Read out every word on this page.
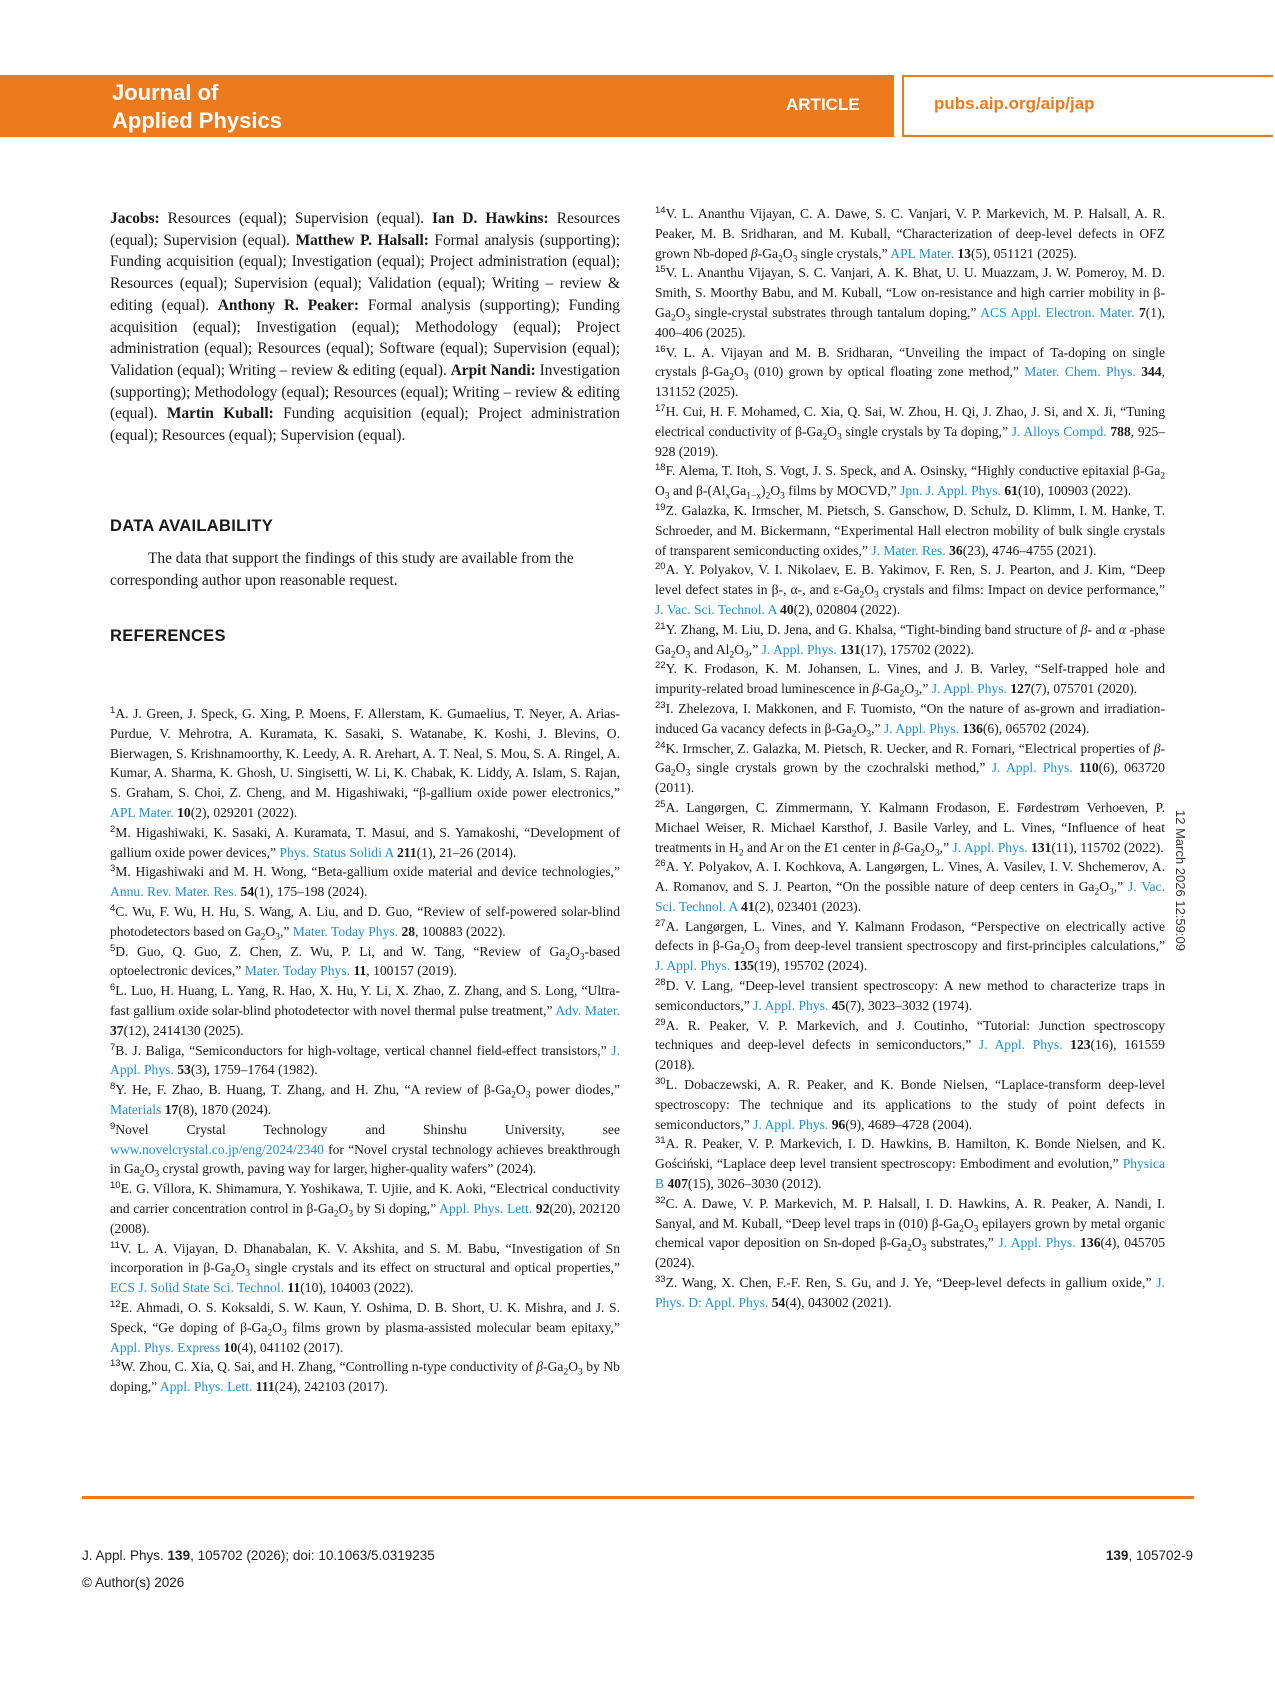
Journal of
Applied Physics
ARTICLE	pubs.aip.org/aip/jap

Jacobs: Resources (equal); Supervision (equal). Ian D. Hawkins: Resources (equal); Supervision (equal). Matthew P. Halsall: Formal analysis (supporting); Funding acquisition (equal); Investigation (equal); Project administration (equal); Resources (equal); Supervision (equal); Validation (equal); Writing – review & editing (equal). Anthony R. Peaker: Formal analysis (supporting); Funding acquisition (equal); Investigation (equal); Methodology (equal); Project administration (equal); Resources (equal); Software (equal); Supervision (equal); Validation (equal); Writing – review & editing (equal). Arpit Nandi: Investigation (supporting); Methodology (equal); Resources (equal); Writing – review & editing (equal). Martin Kuball: Funding acquisition (equal); Project administration (equal); Resources (equal); Supervision (equal).

DATA AVAILABILITY

The data that support the findings of this study are available from the corresponding author upon reasonable request.

REFERENCES
$^1$A. J. Green, J. Speck, G. Xing, P. Moens, F. Allerstam, K. Gumaelius, T. Neyer, A. Arias-Purdue, V. Mehrotra, A. Kuramata, K. Sasaki, S. Watanabe, K. Koshi, J. Blevins, O. Bierwagen, S. Krishnamoorthy, K. Leedy, A. R. Arehart, A. T. Neal, S. Mou, S. A. Ringel, A. Kumar, A. Sharma, K. Ghosh, U. Singisetti, W. Li, K. Chabak, K. Liddy, A. Islam, S. Rajan, S. Graham, S. Choi, Z. Cheng, and M. Higashiwaki, “β-gallium oxide power electronics,” APL Mater. 10(2), 029201 (2022).
$^2$M. Higashiwaki, K. Sasaki, A. Kuramata, T. Masui, and S. Yamakoshi, “Development of gallium oxide power devices,” Phys. Status Solidi A 211(1), 21–26 (2014).
$^3$M. Higashiwaki and M. H. Wong, “Beta-gallium oxide material and device technologies,” Annu. Rev. Mater. Res. 54(1), 175–198 (2024).
$^4$C. Wu, F. Wu, H. Hu, S. Wang, A. Liu, and D. Guo, “Review of self-powered solar-blind photodetectors based on $Ga_2O_3$,” Mater. Today Phys. 28, 100883 (2022).
$^5$D. Guo, Q. Guo, Z. Chen, Z. Wu, P. Li, and W. Tang, “Review of $Ga_2O_3$-based optoelectronic devices,” Mater. Today Phys. 11, 100157 (2019).
$^6$L. Luo, H. Huang, L. Yang, R. Hao, X. Hu, Y. Li, X. Zhao, Z. Zhang, and S. Long, “Ultra-fast gallium oxide solar-blind photodetector with novel thermal pulse treatment,” Adv. Mater. 37(12), 2414130 (2025).
$^7$B. J. Baliga, “Semiconductors for high-voltage, vertical channel field-effect transistors,” J. Appl. Phys. 53(3), 1759–1764 (1982).
$^8$Y. He, F. Zhao, B. Huang, T. Zhang, and H. Zhu, “A review of $\beta-Ga_2O_3$ power diodes,” Materials 17(8), 1870 (2024).
$^9$Novel Crystal Technology and Shinshu University, see www.novelcrystal.co.jp/eng/2024/2340 for “Novel crystal technology achieves breakthrough in $Ga_2O_3$ crystal growth, paving way for larger, higher-quality wafers” (2024).
$^{10}$E. G. Víllora, K. Shimamura, Y. Yoshikawa, T. Ujiie, and K. Aoki, “Electrical conductivity and carrier concentration control in $\beta-Ga_2O_3$ by Si doping,” Appl. Phys. Lett. 92(20), 202120 (2008).
$^{11}$V. L. A. Vijayan, D. Dhanabalan, K. V. Akshita, and S. M. Babu, “Investigation of Sn incorporation in $\beta-Ga_2O_3$ single crystals and its effect on structural and optical properties,” ECS J. Solid State Sci. Technol. 11(10), 104003 (2022).
$^{12}$E. Ahmadi, O. S. Koksaldi, S. W. Kaun, Y. Oshima, D. B. Short, U. K. Mishra, and J. S. Speck, “Ge doping of $\beta-Ga_2O_3$ films grown by plasma-assisted molecular beam epitaxy,” Appl. Phys. Express 10(4), 041102 (2017).
$^{13}$W. Zhou, C. Xia, Q. Sai, and H. Zhang, “Controlling n-type conductivity of $\beta-Ga_2O_3$ by Nb doping,” Appl. Phys. Lett. 111(24), 242103 (2017).
$^{14}$V. L. Ananthu Vijayan, C. A. Dawe, S. C. Vanjari, V. P. Markevich, M. P. Halsall, A. R. Peaker, M. B. Sridharan, and M. Kuball, “Characterization of deep-level defects in OFZ grown Nb-doped $\beta-Ga_2O_3$ single crystals,” APL Mater. 13(5), 051121 (2025).
$^{15}$V. L. Ananthu Vijayan, S. C. Vanjari, A. K. Bhat, U. U. Muazzam, J. W. Pomeroy, M. D. Smith, S. Moorthy Babu, and M. Kuball, “Low on-resistance and high carrier mobility in $\beta-Ga_2O_3$ single-crystal substrates through tantalum doping,” ACS Appl. Electron. Mater. 7(1), 400–406 (2025).
$^{16}$V. L. A. Vijayan and M. B. Sridharan, “Unveiling the impact of Ta-doping on single crystals $\beta-Ga_2O_3$ (010) grown by optical floating zone method,” Mater. Chem. Phys. 344, 131152 (2025).
$^{17}$H. Cui, H. F. Mohamed, C. Xia, Q. Sai, W. Zhou, H. Qi, J. Zhao, J. Si, and X. Ji, “Tuning electrical conductivity of $\beta-Ga_2O_3$ single crystals by Ta doping,” J. Alloys Compd. 788, 925–928 (2019).
$^{18}$F. Alema, T. Itoh, S. Vogt, J. S. Speck, and A. Osinsky, “Highly conductive epitaxial $\beta-Ga_2$ $O_3$ and $\beta-(Al_xGa_{1-x})_2O_3$ films by MOCVD,” Jpn. J. Appl. Phys. 61(10), 100903 (2022).
$^{19}$Z. Galazka, K. Irmscher, M. Pietsch, S. Ganschow, D. Schulz, D. Klimm, I. M. Hanke, T. Schroeder, and M. Bickermann, “Experimental Hall electron mobility of bulk single crystals of transparent semiconducting oxides,” J. Mater. Res. 36(23), 4746–4755 (2021).
$^{20}$A. Y. Polyakov, V. I. Nikolaev, E. B. Yakimov, F. Ren, S. J. Pearton, and J. Kim, “Deep level defect states in β-, α-, and $\varepsilon-Ga_2O_3$ crystals and films: Impact on device performance,” J. Vac. Sci. Technol. A 40(2), 020804 (2022).
$^{21}$Y. Zhang, M. Liu, D. Jena, and G. Khalsa, “Tight-binding band structure of β- and α -phase $Ga_2O_3$ and $Al_2O_3$,” J. Appl. Phys. 131(17), 175702 (2022).
$^{22}$Y. K. Frodason, K. M. Johansen, L. Vines, and J. B. Varley, “Self-trapped hole and impurity-related broad luminescence in $\beta-Ga_2O_3$,” J. Appl. Phys. 127(7), 075701 (2020).
$^{23}$I. Zhelezova, I. Makkonen, and F. Tuomisto, “On the nature of as-grown and irradiation-induced Ga vacancy defects in $\beta-Ga_2O_3$,” J. Appl. Phys. 136(6), 065702 (2024).
$^{24}$K. Irmscher, Z. Galazka, M. Pietsch, R. Uecker, and R. Fornari, “Electrical properties of $\beta-Ga_2O_3$ single crystals grown by the czochralski method,” J. Appl. Phys. 110(6), 063720 (2011).
$^{25}$A. Langørgen, C. Zimmermann, Y. Kalmann Frodason, E. Førdestrøm Verhoeven, P. Michael Weiser, R. Michael Karsthof, J. Basile Varley, and L. Vines, “Influence of heat treatments in $H_2$ and Ar on the E1 center in $\beta-Ga_2O_3$,” J. Appl. Phys. 131(11), 115702 (2022).
$^{26}$A. Y. Polyakov, A. I. Kochkova, A. Langørgen, L. Vines, A. Vasilev, I. V. Shchemerov, A. A. Romanov, and S. J. Pearton, “On the possible nature of deep centers in $Ga_2O_3$,” J. Vac. Sci. Technol. A 41(2), 023401 (2023).
$^{27}$A. Langørgen, L. Vines, and Y. Kalmann Frodason, “Perspective on electrically active defects in $\beta-Ga_2O_3$ from deep-level transient spectroscopy and first-principles calculations,” J. Appl. Phys. 135(19), 195702 (2024).
$^{28}$D. V. Lang, “Deep-level transient spectroscopy: A new method to characterize traps in semiconductors,” J. Appl. Phys. 45(7), 3023–3032 (1974).
$^{29}$A. R. Peaker, V. P. Markevich, and J. Coutinho, “Tutorial: Junction spectroscopy techniques and deep-level defects in semiconductors,” J. Appl. Phys. 123(16), 161559 (2018).
$^{30}$L. Dobaczewski, A. R. Peaker, and K. Bonde Nielsen, “Laplace-transform deep-level spectroscopy: The technique and its applications to the study of point defects in semiconductors,” J. Appl. Phys. 96(9), 4689–4728 (2004).
$^{31}$A. R. Peaker, V. P. Markevich, I. D. Hawkins, B. Hamilton, K. Bonde Nielsen, and K. Gościński, “Laplace deep level transient spectroscopy: Embodiment and evolution,” Physica B 407(15), 3026–3030 (2012).
$^{32}$C. A. Dawe, V. P. Markevich, M. P. Halsall, I. D. Hawkins, A. R. Peaker, A. Nandi, I. Sanyal, and M. Kuball, “Deep level traps in (010) $\beta-Ga_2O_3$ epilayers grown by metal organic chemical vapor deposition on Sn-doped $\beta-Ga_2O_3$ substrates,” J. Appl. Phys. 136(4), 045705 (2024).
$^{33}$Z. Wang, X. Chen, F.-F. Ren, S. Gu, and J. Ye, “Deep-level defects in gallium oxide,” J. Phys. D: Appl. Phys. 54(4), 043002 (2021).
12 March 2026 12:59:09
J. Appl. Phys. 139, 105702 (2026); doi: 10.1063/5.0319235
© Author(s) 2026
139, 105702-9
